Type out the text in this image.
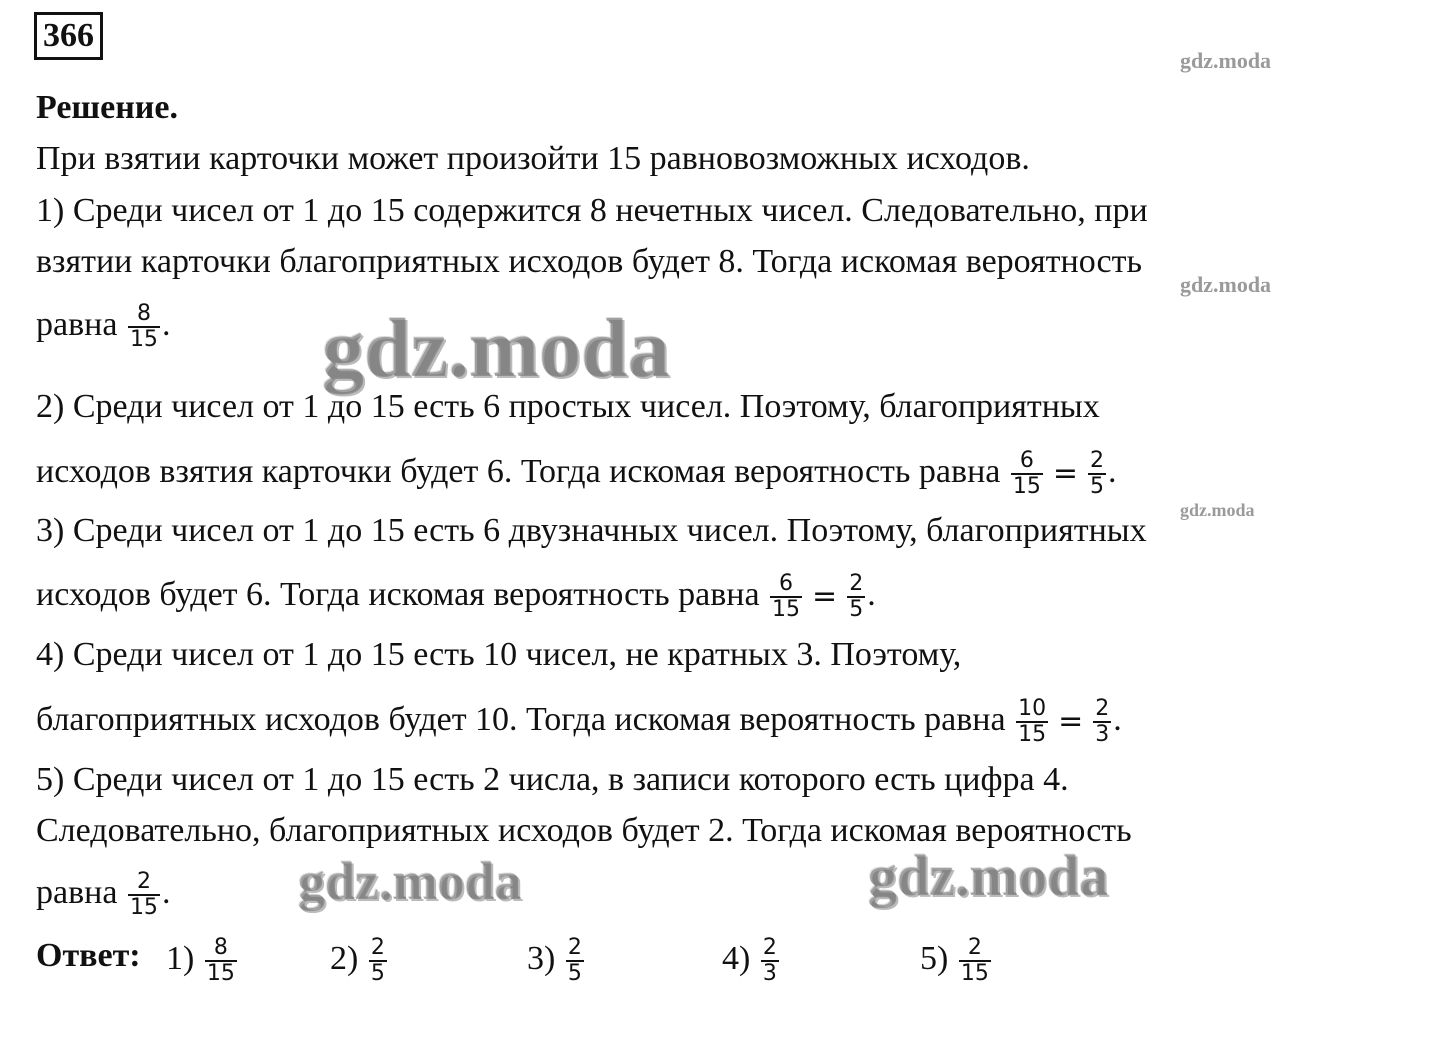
366
gdz.moda
gdz.moda
gdz.moda
Решение.
При взятии карточки может произойти 15 равновозможных исходов.
1) Среди чисел от 1 до 15 содержится 8 нечетных чисел. Следовательно, при
взятии карточки благоприятных исходов будет 8. Тогда искомая вероятность
равна $\frac{8}{15}$ .
2) Среди чисел от 1 до 15 есть 6 простых чисел. Поэтому, благоприятных
исходов взятия карточки будет 6. Тогда искомая вероятность равна $\frac{6}{15} = \frac{2}{5}$ .
3) Среди чисел от 1 до 15 есть 6 двузначных чисел. Поэтому, благоприятных
исходов будет 6. Тогда искомая вероятность равна $\frac{6}{15} = \frac{2}{5}$ .
4) Среди чисел от 1 до 15 есть 10 чисел, не кратных 3. Поэтому,
благоприятных исходов будет 10. Тогда искомая вероятность равна $\frac{10}{15} = \frac{2}{3}$ .
5) Среди чисел от 1 до 15 есть 2 числа, в записи которого есть цифра 4.
Следовательно, благоприятных исходов будет 2. Тогда искомая вероятность
равна $\frac{2}{15}$ .
Ответ: $1) \frac{8}{15}$	$2) \frac{2}{5}$	$3) \frac{2}{5}$	$4) \frac{2}{3}$	$5) \frac{2}{15}$
gdz.moda
gdz.moda	gdz.moda
